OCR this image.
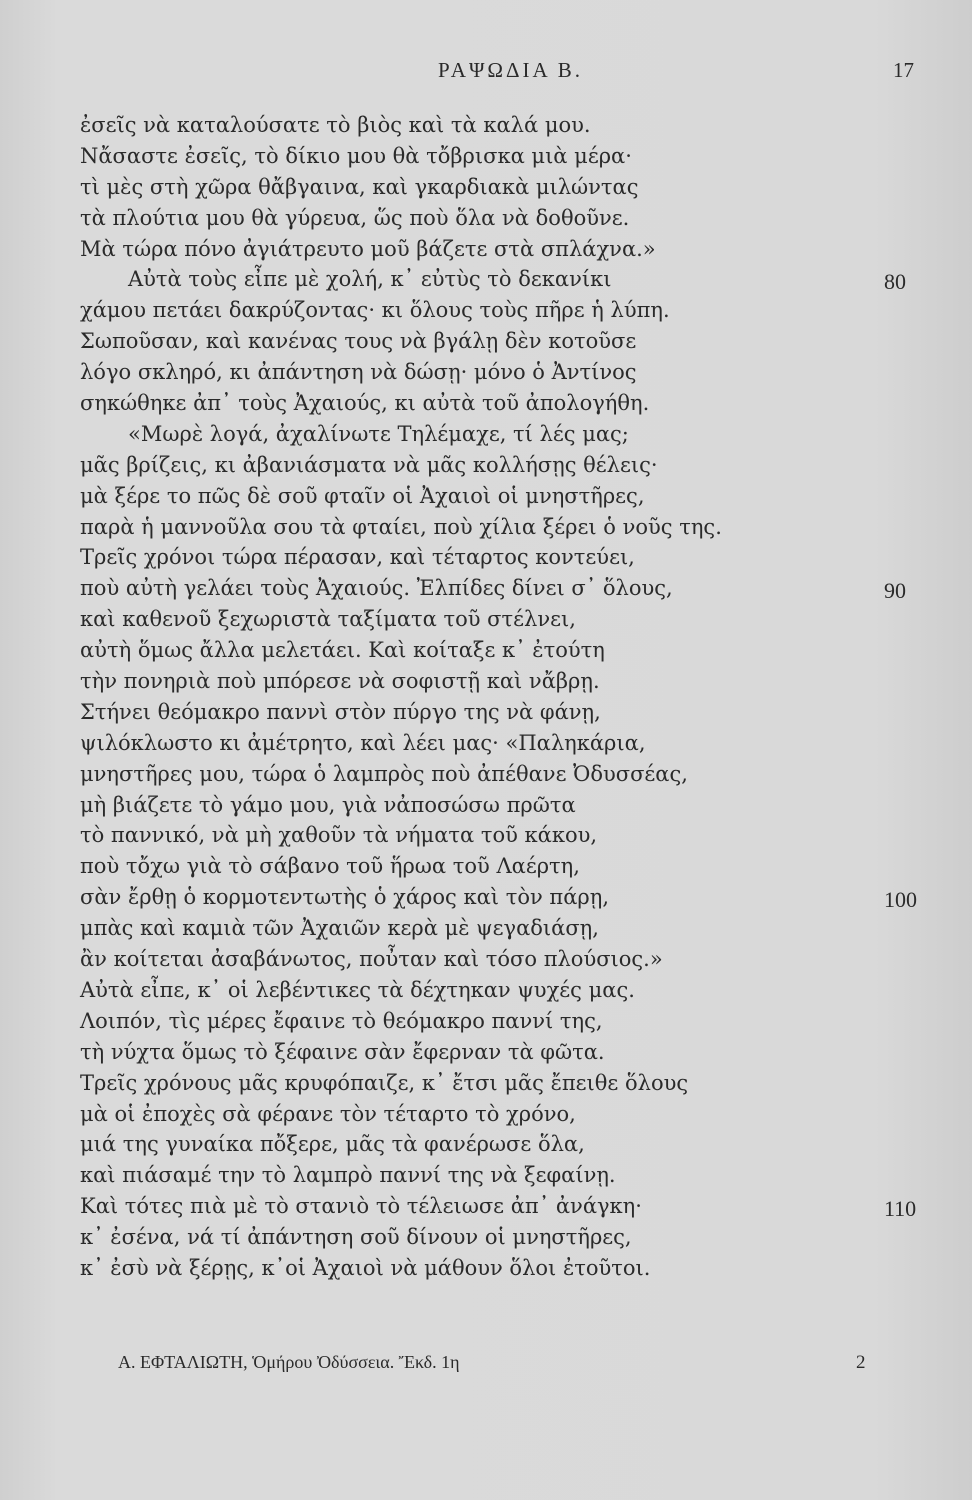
ΡΑΨΩΔΙΑ Β.	17
ἐσεῖς νὰ καταλούσατε τὸ βιὸς καὶ τὰ καλά μου.
Νἄσαστε ἐσεῖς, τὸ δίκιο μου θὰ τὄβρισκα μιὰ μέρα·
τὶ μὲς στὴ χῶρα θἄβγαινα, καὶ γκαρδιακὰ μιλώντας
τὰ πλούτια μου θὰ γύρευα, ὥς ποὺ ὅλα νὰ δοθοῦνε.
Μὰ τώρα πόνο ἀγιάτρευτο μοῦ βάζετε στὰ σπλάχνα.»
Αὐτὰ τοὺς εἶπε μὲ χολή, κ᾽ εὐτὺς τὸ δεκανίκι
χάμου πετάει δακρύζοντας· κι ὅλους τοὺς πῆρε ἡ λύπη.
Σωποῦσαν, καὶ κανένας τους νὰ βγάλῃ δὲν κοτοῦσε
λόγο σκληρό, κι ἀπάντηση νὰ δώσῃ· μόνο ὁ Ἀντίνος
σηκώθηκε ἀπ᾽ τοὺς Ἀχαιούς, κι αὐτὰ τοῦ ἀπολογήθη.
«Μωρὲ λογά, ἀχαλίνωτε Τηλέμαχε, τί λές μας;
μᾶς βρίζεις, κι ἀβανιάσματα νὰ μᾶς κολλήσῃς θέλεις·
μὰ ξέρε το πῶς δὲ σοῦ φταῖν οἱ Ἀχαιοὶ οἱ μνηστῆρες,
παρὰ ἡ μαννοῦλα σου τὰ φταίει, ποὺ χίλια ξέρει ὁ νοῦς της.
Τρεῖς χρόνοι τώρα πέρασαν, καὶ τέταρτος κοντεύει,
ποὺ αὐτὴ γελάει τοὺς Ἀχαιούς. Ἐλπίδες δίνει σ᾽ ὅλους,
καὶ καθενοῦ ξεχωριστὰ ταξίματα τοῦ στέλνει,
αὐτὴ ὅμως ἄλλα μελετάει. Καὶ κοίταξε κ᾽ ἐτούτη
τὴν πονηριὰ ποὺ μπόρεσε νὰ σοφιστῇ καὶ νἄβρῃ.
Στήνει θεόμακρο παννὶ στὸν πύργο της νὰ φάνῃ,
ψιλόκλωστο κι ἀμέτρητο, καὶ λέει μας· «Παληκάρια,
μνηστῆρες μου, τώρα ὁ λαμπρὸς ποὺ ἀπέθανε Ὀδυσσέας,
μὴ βιάζετε τὸ γάμο μου, γιὰ νἀποσώσω πρῶτα
τὸ παννικό, νὰ μὴ χαθοῦν τὰ νήματα τοῦ κάκου,
ποὺ τὄχω γιὰ τὸ σάβανο τοῦ ἥρωα τοῦ Λαέρτη,
σὰν ἔρθῃ ὁ κορμοτεντωτὴς ὁ χάρος καὶ τὸν πάρῃ,
μπὰς καὶ καμιὰ τῶν Ἀχαιῶν κερὰ μὲ ψεγαδιάσῃ,
ἂν κοίτεται ἀσαβάνωτος, ποὖταν καὶ τόσο πλούσιος.»
Αὐτὰ εἶπε, κ᾽ οἱ λεβέντικες τὰ δέχτηκαν ψυχές μας.
Λοιπόν, τὶς μέρες ἔφαινε τὸ θεόμακρο παννί της,
τὴ νύχτα ὅμως τὸ ξέφαινε σὰν ἔφερναν τὰ φῶτα.
Τρεῖς χρόνους μᾶς κρυφόπαιζε, κ᾽ ἔτσι μᾶς ἔπειθε ὅλους
μὰ οἱ ἐποχὲς σὰ φέρανε τὸν τέταρτο τὸ χρόνο,
μιά της γυναίκα πὄξερε, μᾶς τὰ φανέρωσε ὅλα,
καὶ πιάσαμέ την τὸ λαμπρὸ παννί της νὰ ξεφαίνῃ.
Καὶ τότες πιὰ μὲ τὸ στανιὸ τὸ τέλειωσε ἀπ᾽ ἀνάγκη·
κ᾽ ἐσένα, νά τί ἀπάντηση σοῦ δίνουν οἱ μνηστῆρες,
κ᾽ ἐσὺ νὰ ξέρῃς, κ᾽οἱ Ἀχαιοὶ νὰ μάθουν ὅλοι ἐτοῦτοι.
80
90
100
110
Α. ΕΦΤΑΛΙΩΤΗ, Ὁμήρου Ὀδύσσεια. Ἔκδ. 1η	2
